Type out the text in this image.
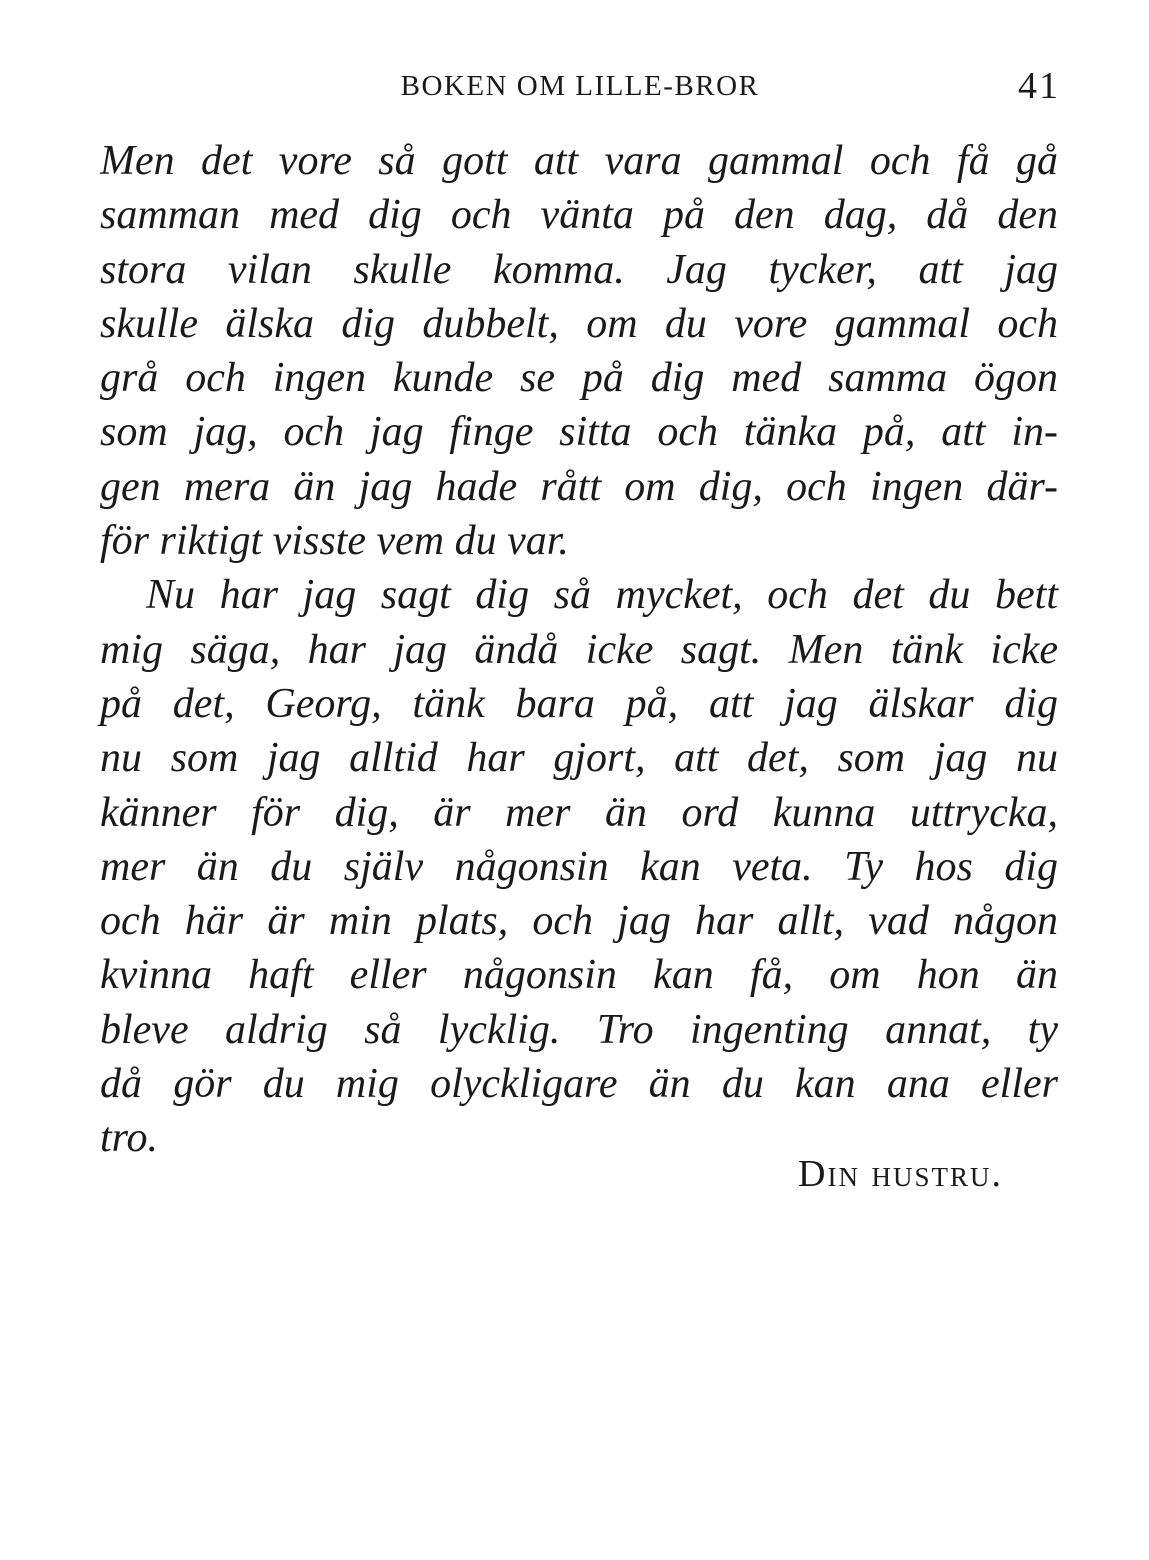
BOKEN OM LILLE-BROR	41
Men det vore så gott att vara gammal och få gå
samman med dig och vänta på den dag, då den
stora vilan skulle komma. Jag tycker, att jag
skulle älska dig dubbelt, om du vore gammal och
grå och ingen kunde se på dig med samma ögon
som jag, och jag finge sitta och tänka på, att in-
gen mera än jag hade rått om dig, och ingen där-
för riktigt visste vem du var.
Nu har jag sagt dig så mycket, och det du bett
mig säga, har jag ändå icke sagt. Men tänk icke
på det, Georg, tänk bara på, att jag älskar dig
nu som jag alltid har gjort, att det, som jag nu
känner för dig, är mer än ord kunna uttrycka,
mer än du själv någonsin kan veta. Ty hos dig
och här är min plats, och jag har allt, vad någon
kvinna haft eller någonsin kan få, om hon än
bleve aldrig så lycklig. Tro ingenting annat, ty
då gör du mig olyckligare än du kan ana eller
tro.
Din hustru.
